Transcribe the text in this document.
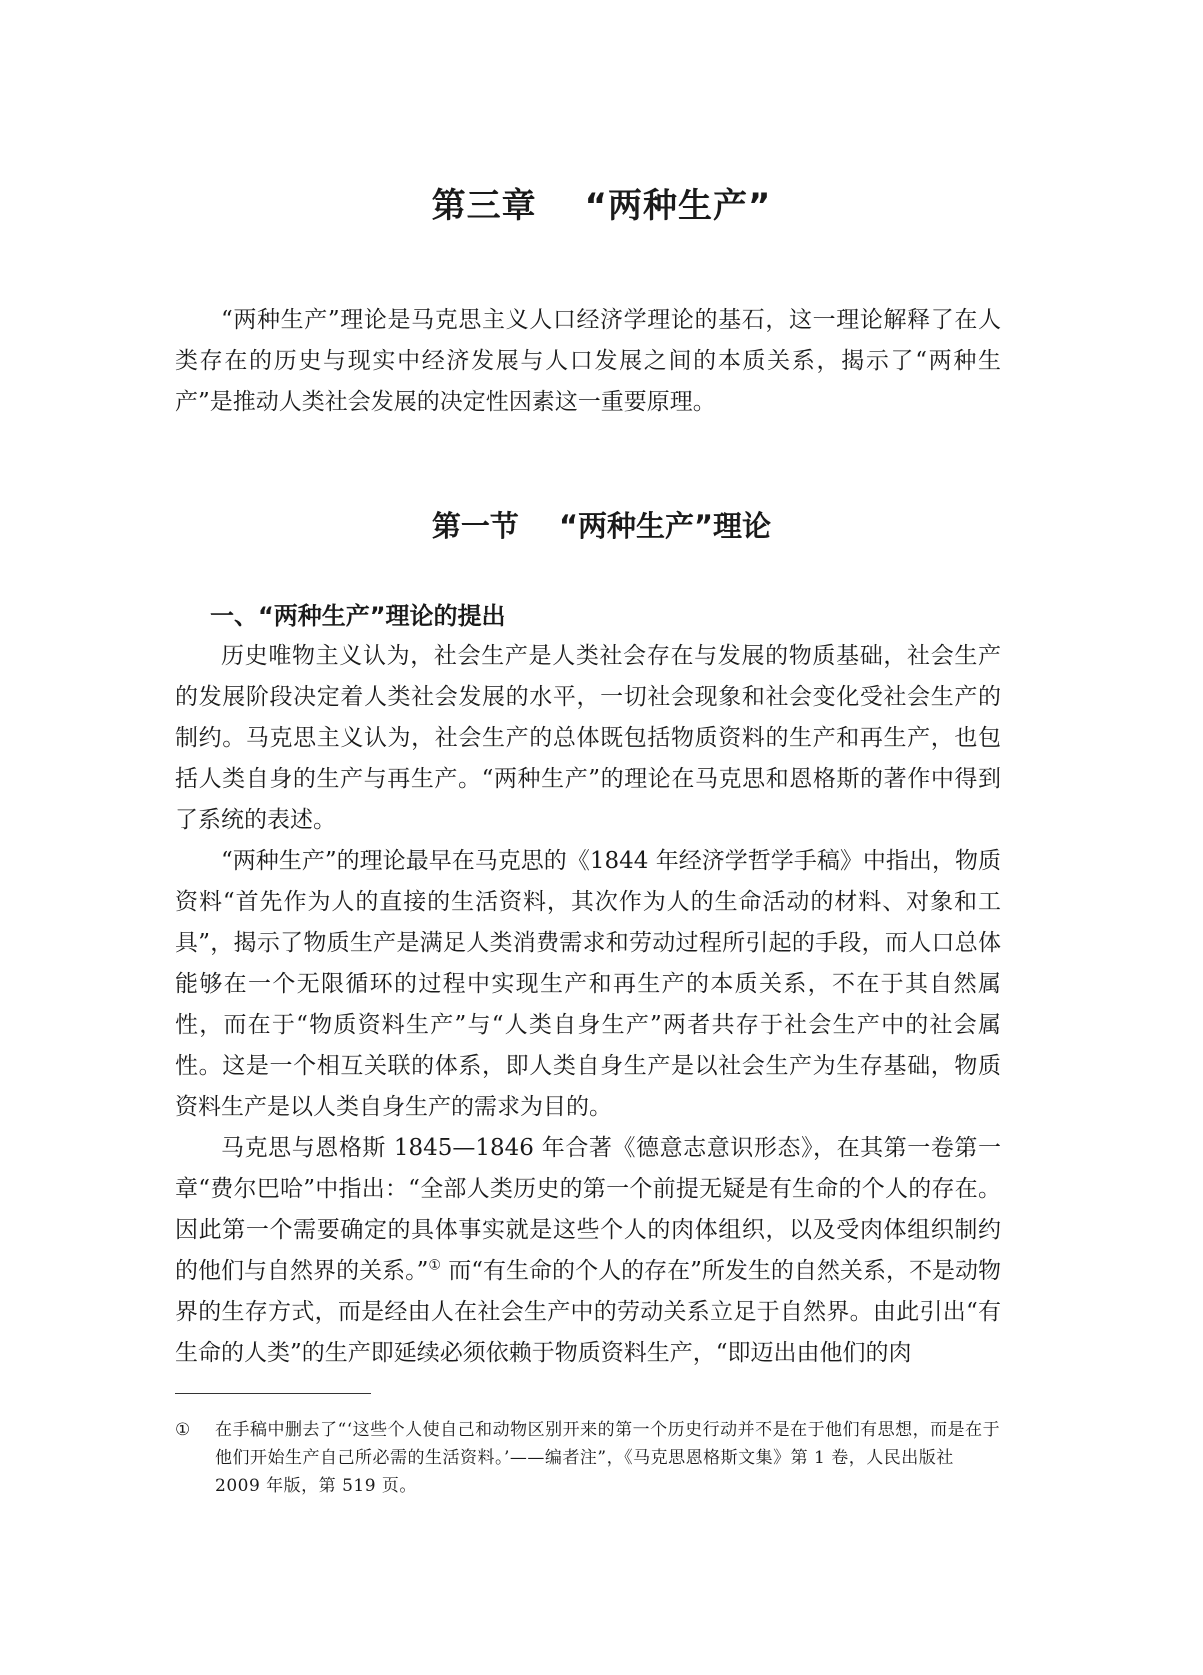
第三章 “两种生产”

“两种生产”理论是马克思主义人口经济学理论的基石，这一理论解释了在人类存在的历史与现实中经济发展与人口发展之间的本质关系，揭示了“两种生产”是推动人类社会发展的决定性因素这一重要原理。

第一节 “两种生产”理论
一、“两种生产”理论的提出

历史唯物主义认为，社会生产是人类社会存在与发展的物质基础，社会生产的发展阶段决定着人类社会发展的水平，一切社会现象和社会变化受社会生产的制约。马克思主义认为，社会生产的总体既包括物质资料的生产和再生产，也包括人类自身的生产与再生产。“两种生产”的理论在马克思和恩格斯的著作中得到了系统的表述。

“两种生产”的理论最早在马克思的《1844 年经济学哲学手稿》中指出，物质资料“首先作为人的直接的生活资料，其次作为人的生命活动的材料、对象和工具”，揭示了物质生产是满足人类消费需求和劳动过程所引起的手段，而人口总体能够在一个无限循环的过程中实现生产和再生产的本质关系，不在于其自然属性，而在于“物质资料生产”与“人类自身生产”两者共存于社会生产中的社会属性。这是一个相互关联的体系，即人类自身生产是以社会生产为生存基础，物质资料生产是以人类自身生产的需求为目的。

马克思与恩格斯 1845—1846 年合著《德意志意识形态》，在其第一卷第一章“费尔巴哈”中指出：“全部人类历史的第一个前提无疑是有生命的个人的存在。因此第一个需要确定的具体事实就是这些个人的肉体组织，以及受肉体组织制约的他们与自然界的关系。”① 而“有生命的个人的存在”所发生的自然关系，不是动物界的生存方式，而是经由人在社会生产中的劳动关系立足于自然界。由此引出“有生命的人类”的生产即延续必须依赖于物质资料生产，“即迈出由他们的肉

①	在手稿中删去了“‘这些个人使自己和动物区别开来的第一个历史行动并不是在于他们有思想，而是在于他们开始生产自己所必需的生活资料。’——编者注”，《马克思恩格斯文集》第 1 卷，人民出版社 2009 年版，第 519 页。
